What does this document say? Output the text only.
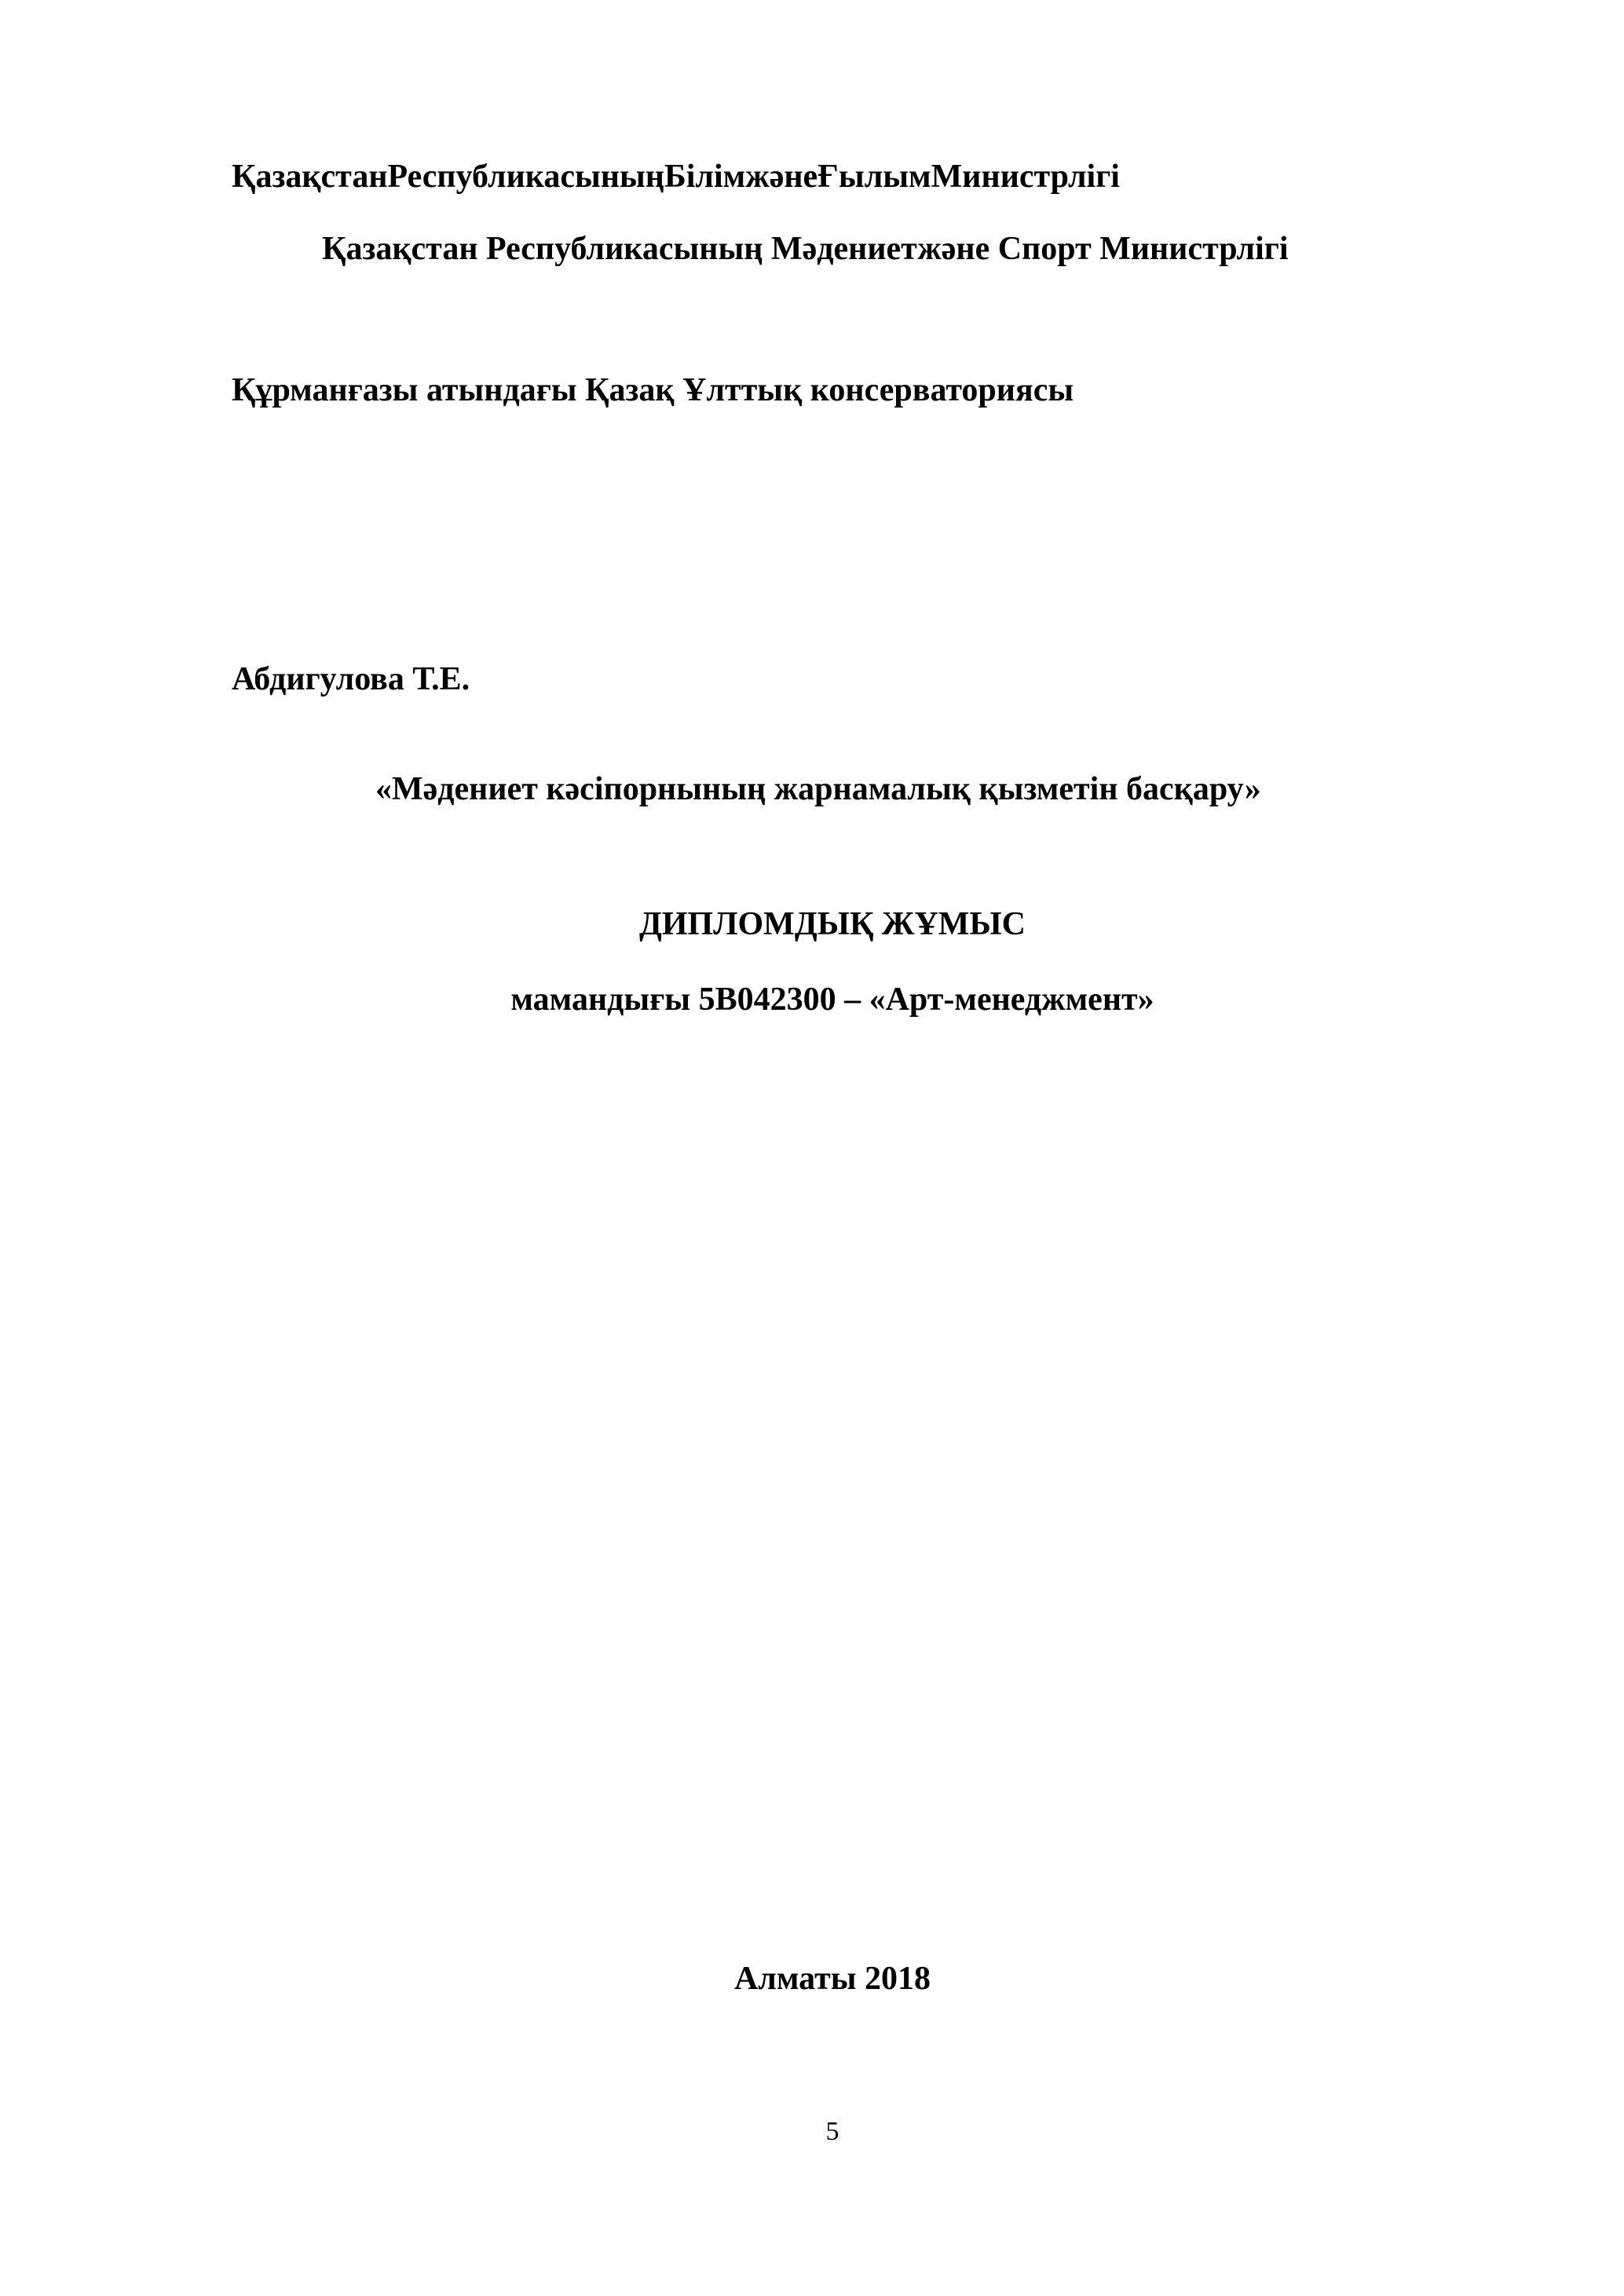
ҚазақстанРеспубликасыныңБілімжәнеҒылымМинистрлігі
Қазақстан Республикасының Мәдениетжәне Спорт Министрлігі
Құрманғазы атындағы Қазақ Ұлттық консерваториясы
Абдигулова Т.Е.
«Мәдениет кәсіпорнының жарнамалық қызметін басқару»
ДИПЛОМДЫҚ ЖҰМЫС
мамандығы 5В042300 – «Арт-менеджмент»
Алматы 2018
5
